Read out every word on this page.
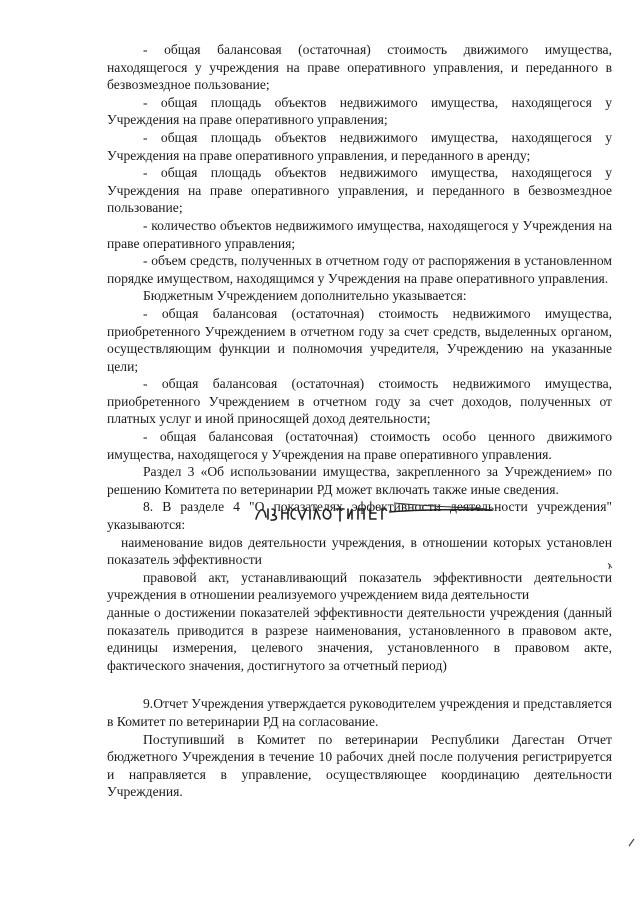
- общая балансовая (остаточная) стоимость движимого имущества, находящегося у учреждения на праве оперативного управления, и переданного в безвозмездное пользование;

- общая площадь объектов недвижимого имущества, находящегося у Учреждения на праве оперативного управления;

- общая площадь объектов недвижимого имущества, находящегося у Учреждения на праве оперативного управления, и переданного в аренду;

- общая площадь объектов недвижимого имущества, находящегося у Учреждения на праве оперативного управления, и переданного в безвозмездное пользование;

- количество объектов недвижимого имущества, находящегося у Учреждения на праве оперативного управления;

- объем средств, полученных в отчетном году от распоряжения в установленном порядке имуществом, находящимся у Учреждения на праве оперативного управления.

Бюджетным Учреждением дополнительно указывается:

- общая балансовая (остаточная) стоимость недвижимого имущества, приобретенного Учреждением в отчетном году за счет средств, выделенных органом, осуществляющим функции и полномочия учредителя, Учреждению на указанные цели;

- общая балансовая (остаточная) стоимость недвижимого имущества, приобретенного Учреждением в отчетном году за счет доходов, полученных от платных услуг и иной приносящей доход деятельности;

- общая балансовая (остаточная) стоимость особо ценного движимого имущества, находящегося у Учреждения на праве оперативного управления.

Раздел 3 «Об использовании имущества, закрепленного за Учреждением» по решению Комитета по ветеринарии РД может включать также иные сведения.

8. В разделе 4 "О показателях эффективности деятельности учреждения" указываются:

наименование видов деятельности учреждения, в отношении которых установлен показатель эффективности

правовой акт, устанавливающий показатель эффективности деятельности учреждения в отношении реализуемого учреждением вида деятельности

данные о достижении показателей эффективности деятельности учреждения (данный показатель приводится в разрезе наименования, установленного в правовом акте, единицы измерения, целевого значения, установленного в правовом акте, фактического значения, достигнутого за отчетный период)

9.Отчет Учреждения утверждается руководителем учреждения и представляется в Комитет по ветеринарии РД на согласование.

Поступивший в Комитет по ветеринарии Республики Дагестан Отчет бюджетного Учреждения в течение 10 рабочих дней после получения регистрируется и направляется в управление, осуществляющее координацию деятельности Учреждения.
